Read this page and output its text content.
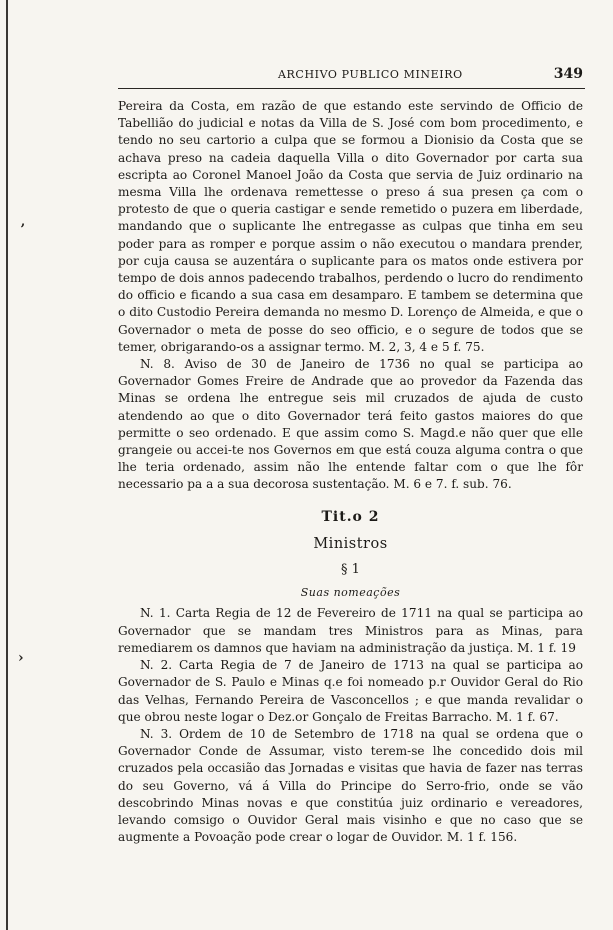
ʼ
›
ARCHIVO PUBLICO MINEIRO	349

Pereira da Costa, em razão de que estando este servindo de Officio de Tabellião do judicial e notas da Villa de S. José com bom procedimento, e tendo no seu cartorio a culpa que se formou a Dionisio da Costa que se achava preso na cadeia daquella Villa o dito Governador por carta sua escripta ao Coronel Manoel João da Costa que servia de Juiz ordinario na mesma Villa lhe ordenava remettesse o preso á sua presen ça com o protesto de que o queria castigar e sende remetido o puzera em liberdade, mandando que o suplicante lhe entregasse as culpas que tinha em seu poder para as romper e porque assim o não executou o mandara prender, por cuja causa se auzentára o suplicante para os matos onde estivera por tempo de dois annos padecendo trabalhos, perdendo o lucro do rendimento do officio e ficando a sua casa em desamparo. E tambem se determina que o dito Custodio Pereira demanda no mesmo D. Lorenço de Almeida, e que o Governador o meta de posse do seo officio, e o segure de todos que se temer, obrigarando-os a assignar termo. M. 2, 3, 4 e 5 f. 75.

N. 8. Aviso de 30 de Janeiro de 1736 no qual se participa ao Governador Gomes Freire de Andrade que ao provedor da Fazenda das Minas se ordena lhe entregue seis mil cruzados de ajuda de custo atendendo ao que o dito Governador terá feito gastos maiores do que permitte o seo ordenado. E que assim como S. Magd.e não quer que elle grangeie ou accei-te nos Governos em que está couza alguma contra o que lhe teria ordenado, assim não lhe entende faltar com o que lhe fôr necessario pa a a sua decorosa sustentação. M. 6 e 7. f. sub. 76.

Tit.o 2

Ministros

§ 1

Suas nomeações

N. 1. Carta Regia de 12 de Fevereiro de 1711 na qual se participa ao Governador que se mandam tres Ministros para as Minas, para remediarem os damnos que haviam na administração da justiça. M. 1 f. 19

N. 2. Carta Regia de 7 de Janeiro de 1713 na qual se participa ao Governador de S. Paulo e Minas q.e foi nomeado p.r Ouvidor Geral do Rio das Velhas, Fernando Pereira de Vasconcellos ; e que manda revalidar o que obrou neste logar o Dez.or Gonçalo de Freitas Barracho. M. 1 f. 67.

N. 3. Ordem de 10 de Setembro de 1718 na qual se ordena que o Governador Conde de Assumar, visto terem-se lhe concedido dois mil cruzados pela occasião das Jornadas e visitas que havia de fazer nas terras do seu Governo, vá á Villa do Principe do Serro-frio, onde se vão descobrindo Minas novas e que constitúa juiz ordinario e vereadores, levando comsigo o Ouvidor Geral mais visinho e que no caso que se augmente a Povoação pode crear o logar de Ouvidor. M. 1 f. 156.
